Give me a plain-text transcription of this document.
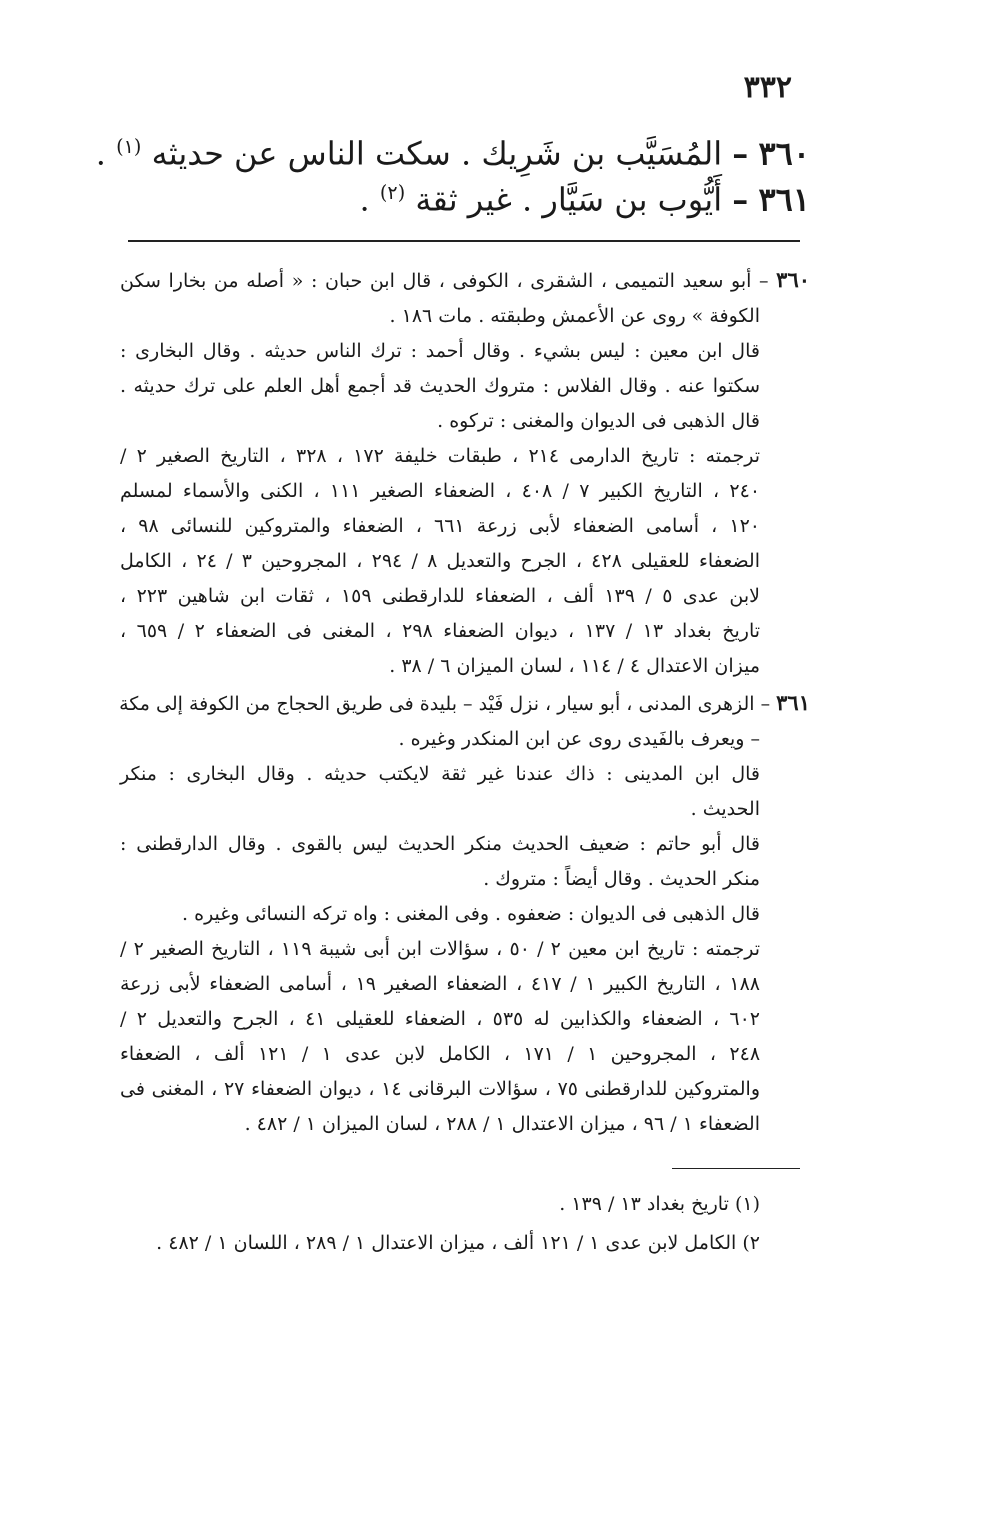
٣٣٢
٣٦٠ – المُسَيَّب بن شَرِيك . سكت الناس عن حديثه $^{(١)}$ .
٣٦١ – أَيُّوب بن سَيَّار . غير ثقة $^{(٢)}$ .
٣٦٠ – أبو سعيد التميمى ، الشقرى ، الكوفى ، قال ابن حبان : « أصله من بخارا سكن
الكوفة » روى عن الأعمش وطبقته . مات ١٨٦ .
قال ابن معين : ليس بشيء . وقال أحمد : ترك الناس حديثه . وقال البخارى :
سكتوا عنه . وقال الفلاس : متروك الحديث قد أجمع أهل العلم على ترك حديثه .
قال الذهبى فى الديوان والمغنى : تركوه .
ترجمته : تاريخ الدارمى ٢١٤ ، طبقات خليفة ١٧٢ ، ٣٢٨ ، التاريخ الصغير ٢ /
٢٤٠ ، التاريخ الكبير ٧ / ٤٠٨ ، الضعفاء الصغير ١١١ ، الكنى والأسماء لمسلم
١٢٠ ، أسامى الضعفاء لأبى زرعة ٦٦١ ، الضعفاء والمتروكين للنسائى ٩٨ ،
الضعفاء للعقيلى ٤٢٨ ، الجرح والتعديل ٨ / ٢٩٤ ، المجروحين ٣ / ٢٤ ، الكامل
لابن عدى ٥ / ١٣٩ ألف ، الضعفاء للدارقطنى ١٥٩ ، ثقات ابن شاهين ٢٢٣ ،
تاريخ بغداد ١٣ / ١٣٧ ، ديوان الضعفاء ٢٩٨ ، المغنى فى الضعفاء ٢ / ٦٥٩ ،
ميزان الاعتدال ٤ / ١١٤ ، لسان الميزان ٦ / ٣٨ .
٣٦١ – الزهرى المدنى ، أبو سيار ، نزل فَيْد – بليدة فى طريق الحجاج من الكوفة إلى مكة
– ويعرف بالفَيدى روى عن ابن المنكدر وغيره .
قال ابن المدينى : ذاك عندنا غير ثقة لايكتب حديثه . وقال البخارى : منكر
الحديث .
قال أبو حاتم : ضعيف الحديث منكر الحديث ليس بالقوى . وقال الدارقطنى :
منكر الحديث . وقال أيضاً : متروك .
قال الذهبى فى الديوان : ضعفوه . وفى المغنى : واه تركه النسائى وغيره .
ترجمته : تاريخ ابن معين ٢ / ٥٠ ، سؤالات ابن أبى شيبة ١١٩ ، التاريخ الصغير ٢ /
١٨٨ ، التاريخ الكبير ١ / ٤١٧ ، الضعفاء الصغير ١٩ ، أسامى الضعفاء لأبى زرعة
٦٠٢ ، الضعفاء والكذابين له ٥٣٥ ، الضعفاء للعقيلى ٤١ ، الجرح والتعديل ٢ /
٢٤٨ ، المجروحين ١ / ١٧١ ، الكامل لابن عدى ١ / ١٢١ ألف ، الضعفاء
والمتروكين للدارقطنى ٧٥ ، سؤالات البرقانى ١٤ ، ديوان الضعفاء ٢٧ ، المغنى فى
الضعفاء ١ / ٩٦ ، ميزان الاعتدال ١ / ٢٨٨ ، لسان الميزان ١ / ٤٨٢ .
(١) تاريخ بغداد ١٣ / ١٣٩ .
٢) الكامل لابن عدى ١ / ١٢١ ألف ، ميزان الاعتدال ١ / ٢٨٩ ، اللسان ١ / ٤٨٢ .
